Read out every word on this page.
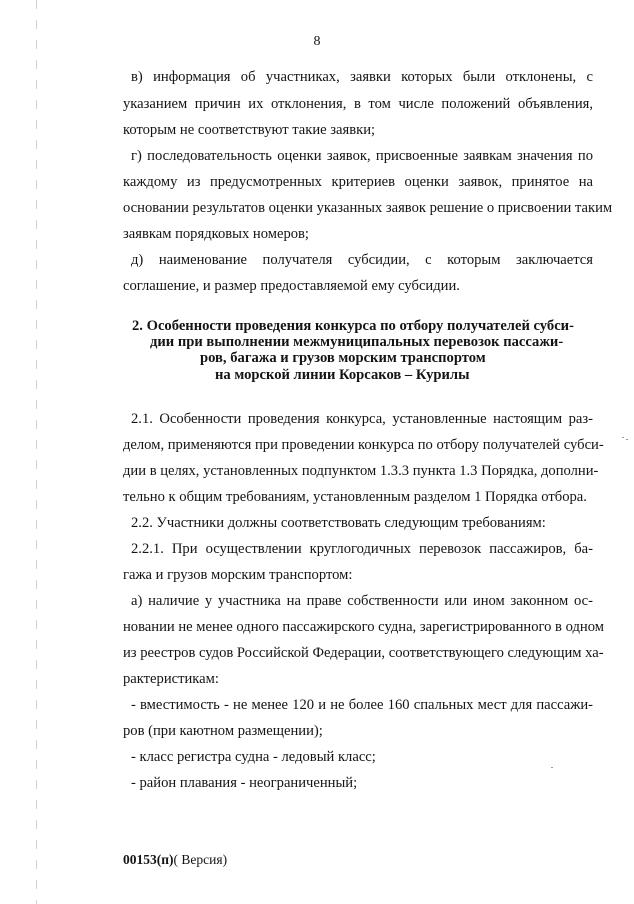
8
в) информация об участниках, заявки которых были отклонены, с
указанием причин их отклонения, в том числе положений объявления,
которым не соответствуют такие заявки;
г) последовательность оценки заявок, присвоенные заявкам значения по
каждому из предусмотренных критериев оценки заявок, принятое на
основании результатов оценки указанных заявок решение о присвоении таким
заявкам порядковых номеров;
д) наименование получателя субсидии, с которым заключается
соглашение, и размер предоставляемой ему субсидии.
2. Особенности проведения конкурса по отбору получателей субси-
дии при выполнении межмуниципальных перевозок пассажи-
ров, багажа и грузов морским транспортом
на морской линии Корсаков – Курилы
2.1. Особенности проведения конкурса, установленные настоящим раз-
делом, применяются при проведении конкурса по отбору получателей субси-
дии в целях, установленных подпунктом 1.3.3 пункта 1.3 Порядка, дополни-
тельно к общим требованиям, установленным разделом 1 Порядка отбора.
2.2. Участники должны соответствовать следующим требованиям:
2.2.1. При осуществлении круглогодичных перевозок пассажиров, ба-
гажа и грузов морским транспортом:
а) наличие у участника на праве собственности или ином законном ос-
новании не менее одного пассажирского судна, зарегистрированного в одном
из реестров судов Российской Федерации, соответствующего следующим ха-
рактеристикам:
- вместимость - не менее 120 и не более 160 спальных мест для пассажи-
ров (при каютном размещении);
- класс регистра судна - ледовый класс;
- район плавания - неограниченный;
00153(п)( Версия)
